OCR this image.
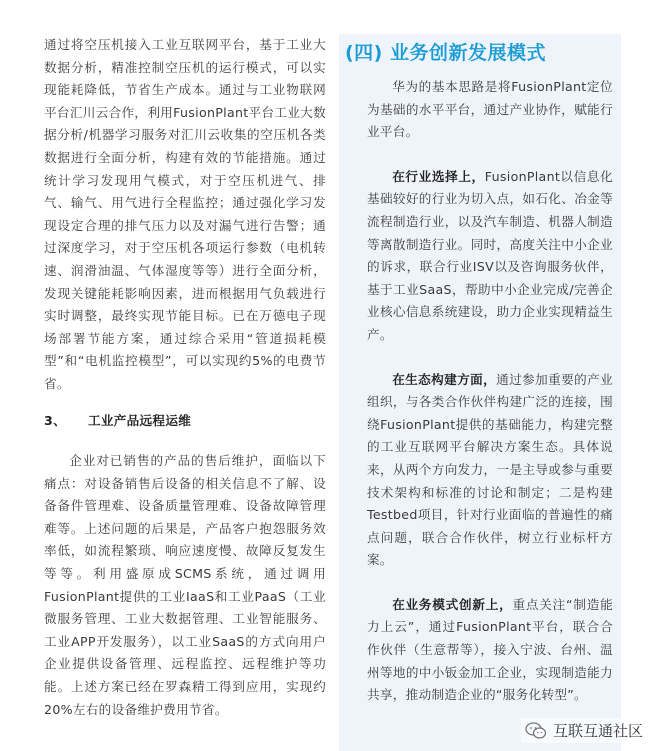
通过将空压机接入工业互联网平台，基于工业大数据分析，精准控制空压机的运行模式，可以实现能耗降低，节省生产成本。通过与工业物联网平台汇川云合作，利用FusionPlant平台工业大数据分析/机器学习服务对汇川云收集的空压机各类数据进行全面分析，构建有效的节能措施。通过统计学习发现用气模式，对于空压机进气、排气、输气、用气进行全程监控；通过强化学习发现设定合理的排气压力以及对漏气进行告警；通过深度学习，对于空压机各项运行参数（电机转速、润滑油温、气体湿度等等）进行全面分析，发现关键能耗影响因素，进而根据用气负载进行实时调整，最终实现节能目标。已在万德电子现场部署节能方案，通过综合采用“管道损耗模型”和“电机监控模型”，可以实现约5%的电费节省。

3、 工业产品远程运维

企业对已销售的产品的售后维护，面临以下痛点：对设备销售后设备的相关信息不了解、设备备件管理难、设备质量管理难、设备故障管理难等。上述问题的后果是，产品客户抱怨服务效率低，如流程繁琐、响应速度慢、故障反复发生等等。利用盛原成SCMS系统，通过调用FusionPlant提供的工业IaaS和工业PaaS（工业微服务管理、工业大数据管理、工业智能服务、工业APP开发服务），以工业SaaS的方式向用户企业提供设备管理、远程监控、远程维护等功能。上述方案已经在罗森精工得到应用，实现约20%左右的设备维护费用节省。

(四) 业务创新发展模式

华为的基本思路是将FusionPlant定位为基础的水平平台，通过产业协作，赋能行业平台。

在行业选择上，FusionPlant以信息化基础较好的行业为切入点，如石化、冶金等流程制造行业，以及汽车制造、机器人制造等离散制造行业。同时，高度关注中小企业的诉求，联合行业ISV以及咨询服务伙伴，基于工业SaaS，帮助中小企业完成/完善企业核心信息系统建设，助力企业实现精益生产。

在生态构建方面，通过参加重要的产业组织，与各类合作伙伴构建广泛的连接，围绕FusionPlant提供的基础能力，构建完整的工业互联网平台解决方案生态。具体说来，从两个方向发力，一是主导或参与重要技术架构和标准的讨论和制定；二是构建Testbed项目，针对行业面临的普遍性的痛点问题，联合合作伙伴，树立行业标杆方案。

在业务模式创新上，重点关注“制造能力上云”，通过FusionPlant平台，联合合作伙伴（生意帮等），接入宁波、台州、温州等地的中小钣金加工企业，实现制造能力共享，推动制造企业的“服务化转型”。

互联互通社区
